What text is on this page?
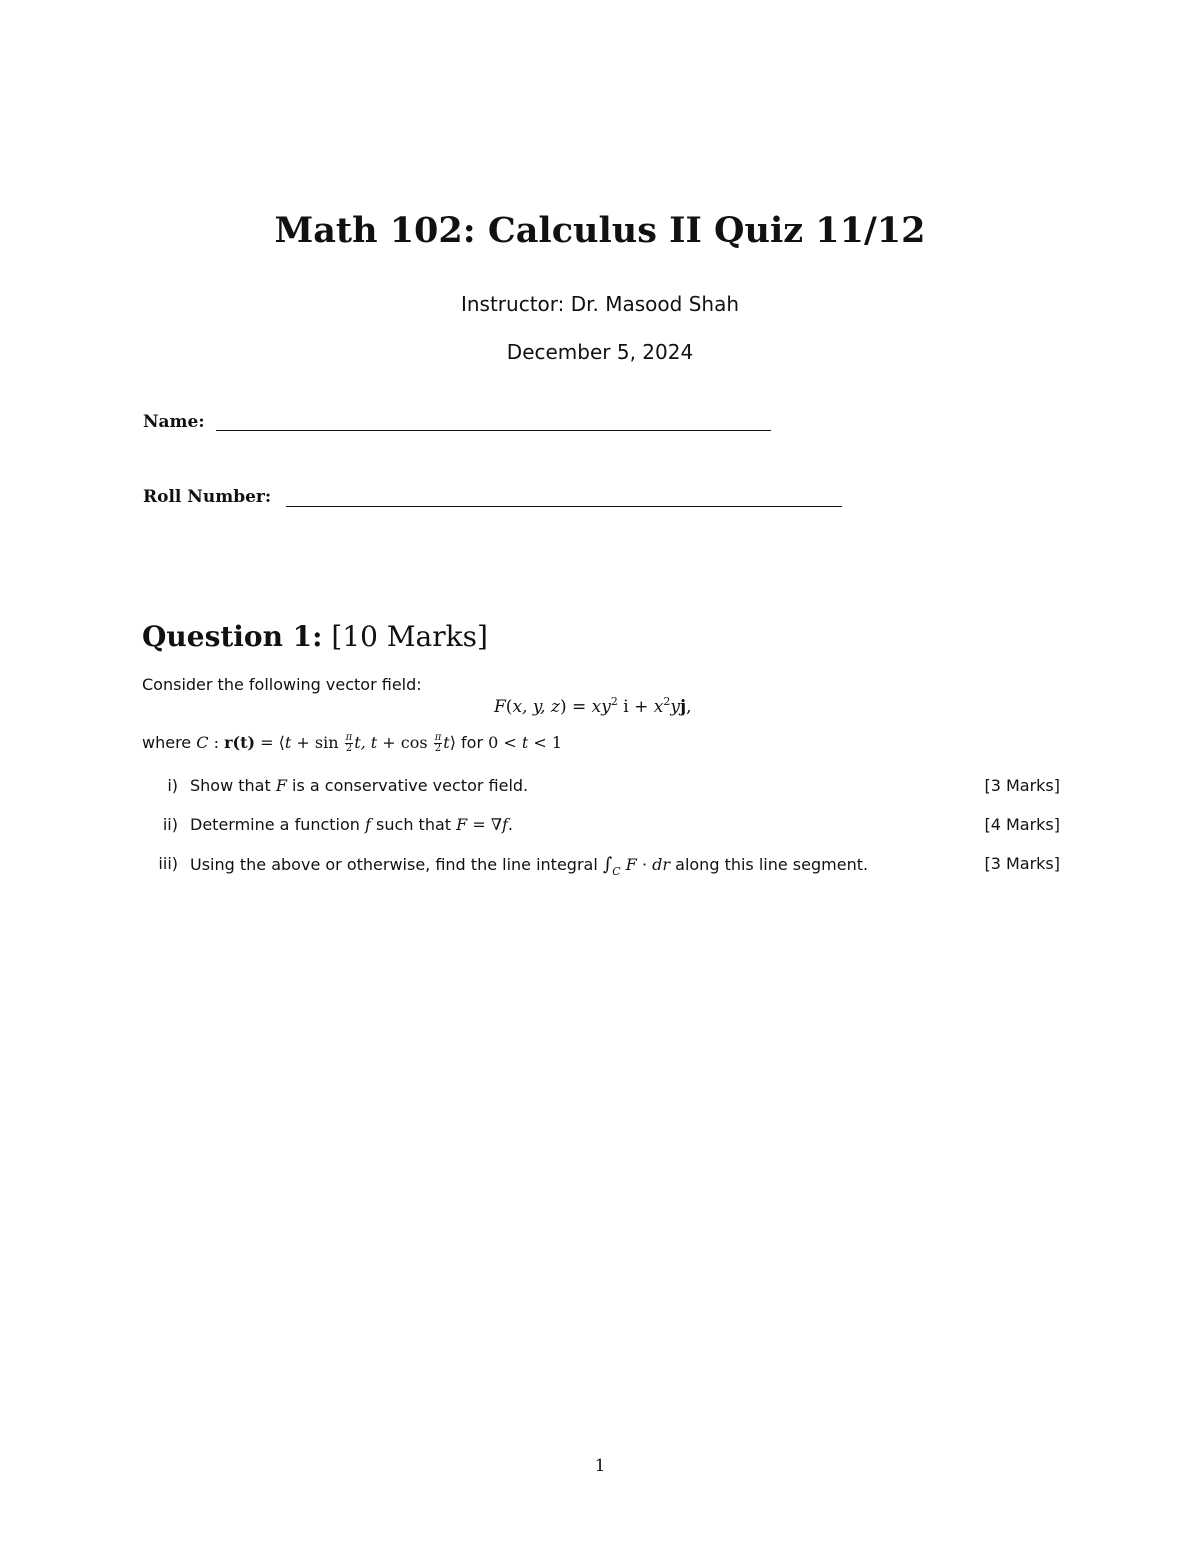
Math 102: Calculus II Quiz 11/12
Instructor: Dr. Masood Shah
December 5, 2024
Name:
Roll Number:
Question 1: [10 Marks]
Consider the following vector field:
F(x, y, $z) = xy^2$ $i + x^2yj$,
where C : r(t) = ⟨t + $\sin \frac{\pi}{2} t$, $t + \cos \frac{\pi}{2}$ t⟩ for 0 < t < 1
i) Show that F is a conservative vector field.	[3 Marks]
ii) Determine a function f such that F = ∇f.	[4 Marks]
iii) Using the above or otherwise, find the line integral $\int_C$ F · dr along this line segment.	[3 Marks]
1
